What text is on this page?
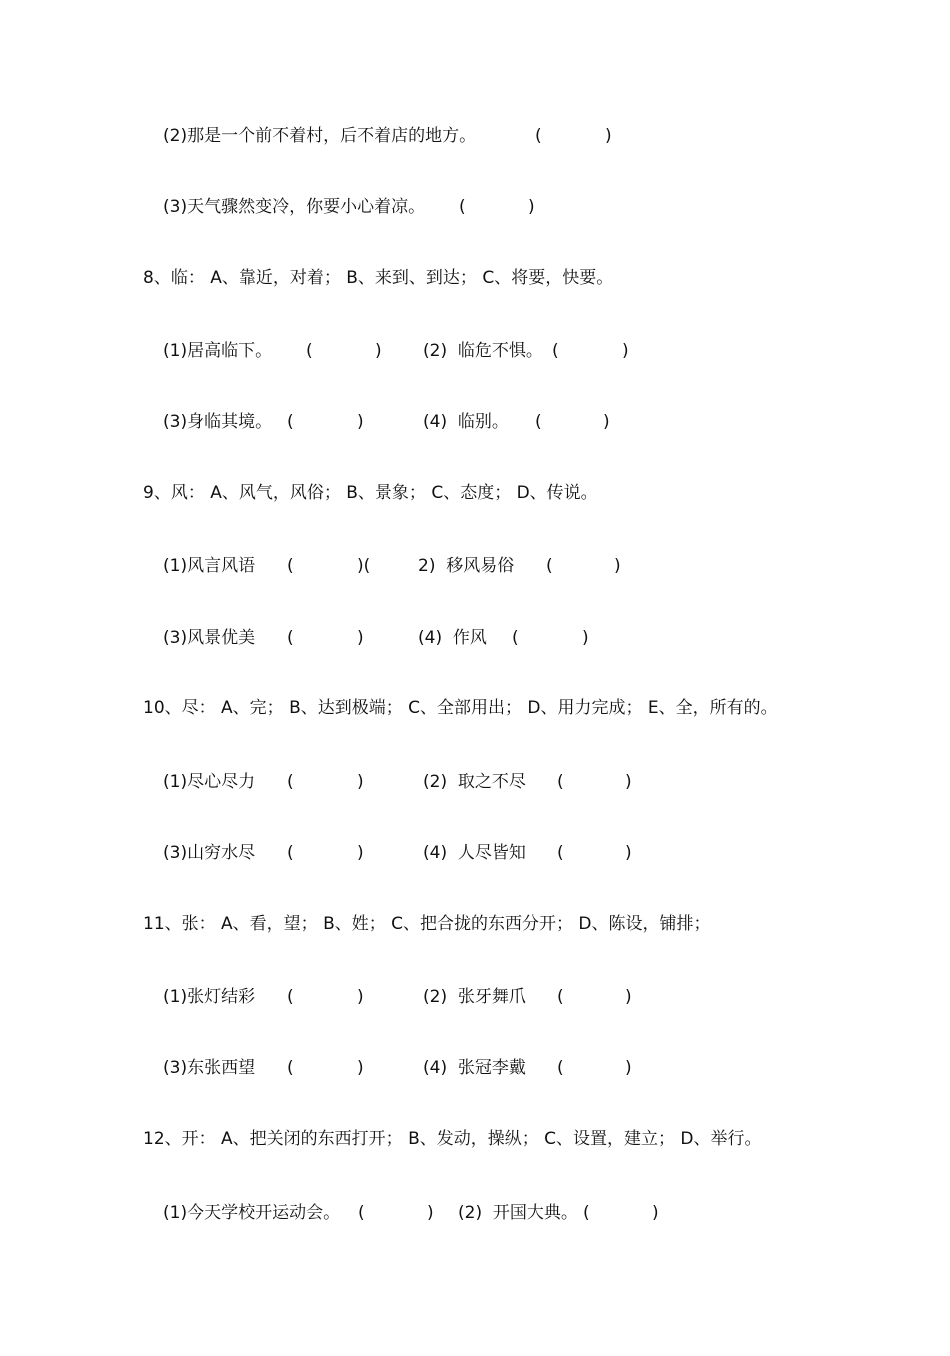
(2)那是一个前不着村，后不着店的地方。

	(

	)

(3)天气骤然变冷，你要小心着凉。

(

	)

8、临： A、靠近，对着； B、来到、到达； C、将要，快要。

(1)居高临下。

(

	)

(2)  临危不惧。

(

	)

(3)身临其境。

(

	)

	(4)  临别。

(

	)

9、风： A、风气，风俗； B、景象； C、态度； D、传说。

(1)风言风语

(

	)(

	2)  移风易俗

(

	)

(3)风景优美

(

	)

	(4)  作风

(

	)

10、尽： A、完； B、达到极端； C、全部用出； D、用力完成； E、全，所有的。

(1)尽心尽力

(

	)

	(2)  取之不尽

(

	)

(3)山穷水尽

(

	)

	(4)  人尽皆知

(

	)

11、张： A、看，望； B、姓； C、把合拢的东西分开； D、陈设，铺排；

(1)张灯结彩

(

	)

	(2)  张牙舞爪

(

	)

(3)东张西望

(

	)

	(4)  张冠李戴

(

	)

12、开： A、把关闭的东西打开； B、发动，操纵； C、设置，建立； D、举行。

(1)今天学校开运动会。

(

	)

(2)  开国大典。

(

	)
